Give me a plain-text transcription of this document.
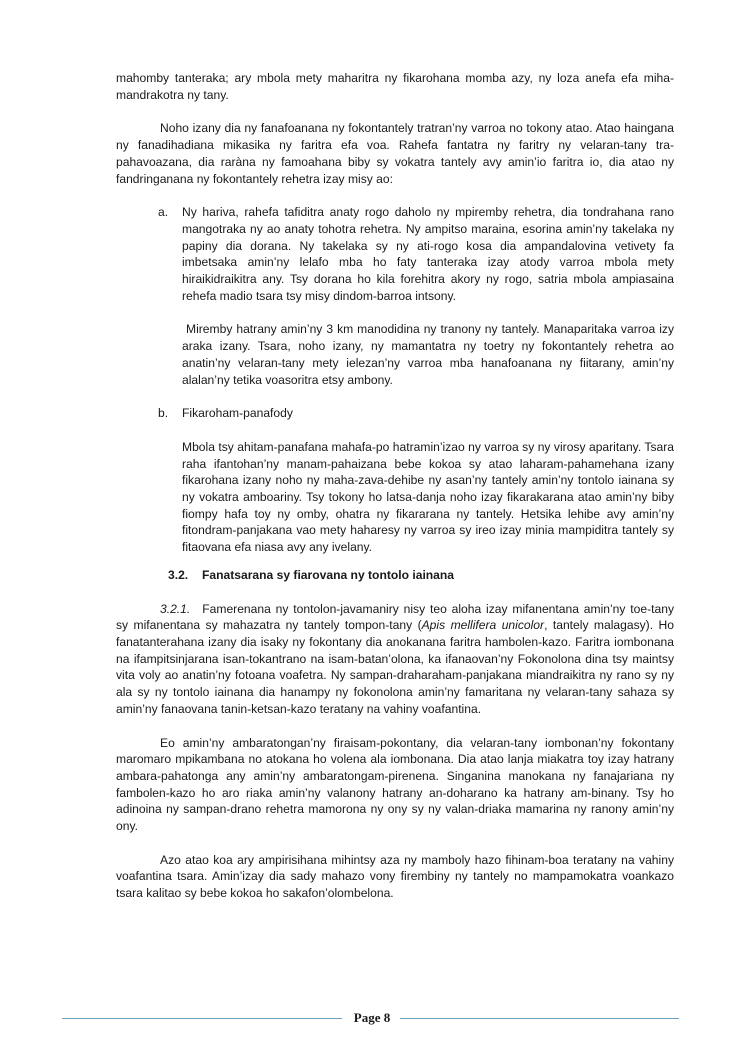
mahomby tanteraka; ary mbola mety maharitra ny fikarohana momba azy, ny loza anefa efa miha-mandrakotra ny tany.

Noho izany dia ny fanafoanana ny fokontantely tratran’ny varroa no tokony atao. Atao haingana ny fanadihadiana mikasika ny faritra efa voa. Rahefa fantatra ny faritry ny velaran-tany tra-pahavoazana, dia raràna ny famoahana biby sy vokatra tantely avy amin’io faritra io, dia atao ny fandringanana ny fokontantely rehetra izay misy ao:

a. Ny hariva, rahefa tafiditra anaty rogo daholo ny mpiremby rehetra, dia tondrahana rano mangotraka ny ao anaty tohotra rehetra. Ny ampitso maraina, esorina amin’ny takelaka ny papiny dia dorana. Ny takelaka sy ny ati-rogo kosa dia ampandalovina vetivety fa imbetsaka amin’ny lelafo mba ho faty tanteraka izay atody varroa mbola mety hiraikidraikitra any. Tsy dorana ho kila forehitra akory ny rogo, satria mbola ampiasaina rehefa madio tsara tsy misy dindom-barroa intsony.

Miremby hatrany amin’ny 3 km manodidina ny tranony ny tantely. Manaparitaka varroa izy araka izany. Tsara, noho izany, ny mamantatra ny toetry ny fokontantely rehetra ao anatin’ny velaran-tany mety ielezan’ny varroa mba hanafoanana ny fiitarany, amin’ny alalan’ny tetika voasoritra etsy ambony.

b. Fikaroham-panafody

Mbola tsy ahitam-panafana mahafa-po hatramin’izao ny varroa sy ny virosy aparitany. Tsara raha ifantohan’ny manam-pahaizana bebe kokoa sy atao laharam-pahamehana izany fikarohana izany noho ny maha-zava-dehibe ny asan’ny tantely amin’ny tontolo iainana sy ny vokatra amboariny. Tsy tokony ho latsa-danja noho izay fikarakarana atao amin’ny biby fiompy hafa toy ny omby, ohatra ny fikararana ny tantely. Hetsika lehibe avy amin’ny fitondram-panjakana vao mety haharesy ny varroa sy ireo izay minia mampiditra tantely sy fitaovana efa niasa avy any ivelany.

3.2. Fanatsarana sy fiarovana ny tontolo iainana

3.2.1. Famerenana ny tontolon-javamaniry nisy teo aloha izay mifanentana amin’ny toe-tany sy mifanentana sy mahazatra ny tantely tompon-tany (Apis mellifera unicolor, tantely malagasy). Ho fanatanterahana izany dia isaky ny fokontany dia anokanana faritra hambolen-kazo. Faritra iombonana na ifampitsinjarana isan-tokantrano na isam-batan’olona, ka ifanaovan’ny Fokonolona dina tsy maintsy vita voly ao anatin’ny fotoana voafetra. Ny sampan-draharaham-panjakana miandraikitra ny rano sy ny ala sy ny tontolo iainana dia hanampy ny fokonolona amin’ny famaritana ny velaran-tany sahaza sy amin’ny fanaovana tanin-ketsan-kazo teratany na vahiny voafantina.

Eo amin’ny ambaratongan’ny firaisam-pokontany, dia velaran-tany iombonan’ny fokontany maromaro mpikambana no atokana ho volena ala iombonana. Dia atao lanja miakatra toy izay hatrany ambara-pahatonga any amin’ny ambaratongam-pirenena. Singanina manokana ny fanajariana ny fambolen-kazo ho aro riaka amin’ny valanony hatrany an-doharano ka hatrany am-binany. Tsy ho adinoina ny sampan-drano rehetra mamorona ny ony sy ny valan-driaka mamarina ny ranony amin’ny ony.

Azo atao koa ary ampirisihana mihintsy aza ny mamboly hazo fihinam-boa teratany na vahiny voafantina tsara. Amin’izay dia sady mahazo vony firembiny ny tantely no mampamokatra voankazo tsara kalitao sy bebe kokoa ho sakafon’olombelona.

Page 8
